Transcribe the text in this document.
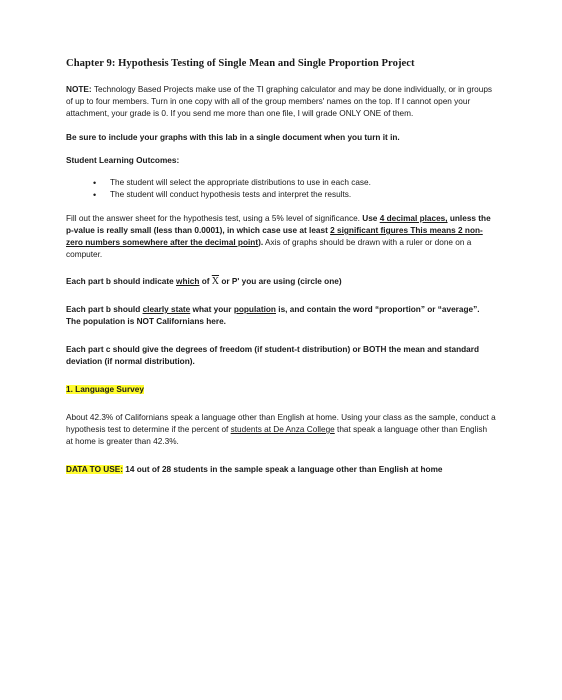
Chapter 9: Hypothesis Testing of Single Mean and Single Proportion Project

NOTE: Technology Based Projects make use of the TI graphing calculator and may be done individually, or in groups of up to four members. Turn in one copy with all of the group members' names on the top. If I cannot open your attachment, your grade is 0. If you send me more than one file, I will grade ONLY ONE of them.

Be sure to include your graphs with this lab in a single document when you turn it in.

Student Learning Outcomes:

• The student will select the appropriate distributions to use in each case.
• The student will conduct hypothesis tests and interpret the results.

Fill out the answer sheet for the hypothesis test, using a 5% level of significance. Use 4 decimal places, unless the p-value is really small (less than 0.0001), in which case use at least 2 significant figures This means 2 non-zero numbers somewhere after the decimal point). Axis of graphs should be drawn with a ruler or done on a computer.

Each part b should indicate which of $\overline{X}$ or P' you are using (circle one)

Each part b should clearly state what your population is, and contain the word “proportion” or “average”. The population is NOT Californians here.

Each part c should give the degrees of freedom (if student-t distribution) or BOTH the mean and standard deviation (if normal distribution).

1. Language Survey

About 42.3% of Californians speak a language other than English at home. Using your class as the sample, conduct a hypothesis test to determine if the percent of students at De Anza College that speak a language other than English at home is greater than 42.3%.

DATA TO USE: 14 out of 28 students in the sample speak a language other than English at home
